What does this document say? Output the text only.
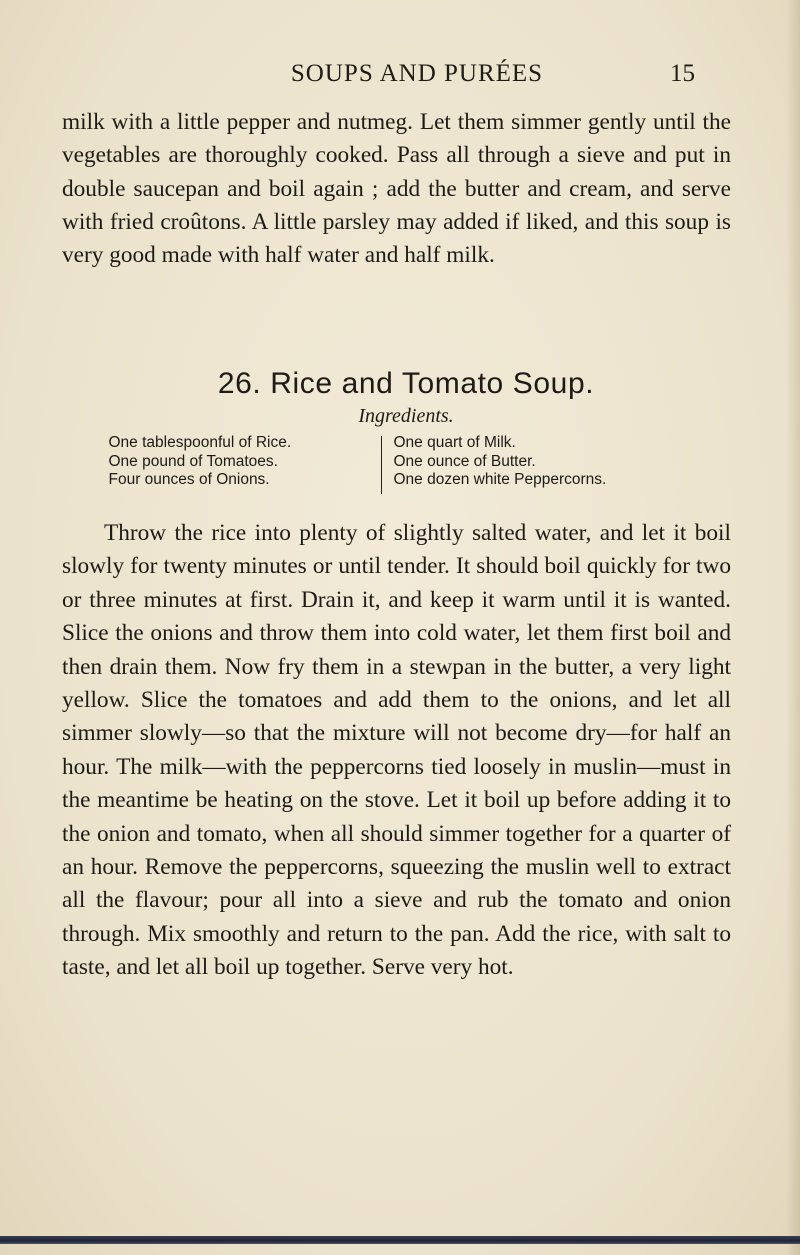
SOUPS AND PURÉES	15

milk with a little pepper and nutmeg. Let them simmer gently until the vegetables are thoroughly cooked. Pass all through a sieve and put in double saucepan and boil again ; add the butter and cream, and serve with fried croûtons. A little parsley may added if liked, and this soup is very good made with half water and half milk.

26. Rice and Tomato Soup.
Ingredients.
One tablespoonful of Rice.
One pound of Tomatoes.
Four ounces of Onions.
One quart of Milk.
One ounce of Butter.
One dozen white Peppercorns.

Throw the rice into plenty of slightly salted water, and let it boil slowly for twenty minutes or until tender. It should boil quickly for two or three minutes at first. Drain it, and keep it warm until it is wanted. Slice the onions and throw them into cold water, let them first boil and then drain them. Now fry them in a stewpan in the butter, a very light yellow. Slice the tomatoes and add them to the onions, and let all simmer slowly—so that the mixture will not become dry—for half an hour. The milk—with the peppercorns tied loosely in muslin—must in the meantime be heating on the stove. Let it boil up before adding it to the onion and tomato, when all should simmer together for a quarter of an hour. Remove the peppercorns, squeezing the muslin well to extract all the flavour; pour all into a sieve and rub the tomato and onion through. Mix smoothly and return to the pan. Add the rice, with salt to taste, and let all boil up together. Serve very hot.
